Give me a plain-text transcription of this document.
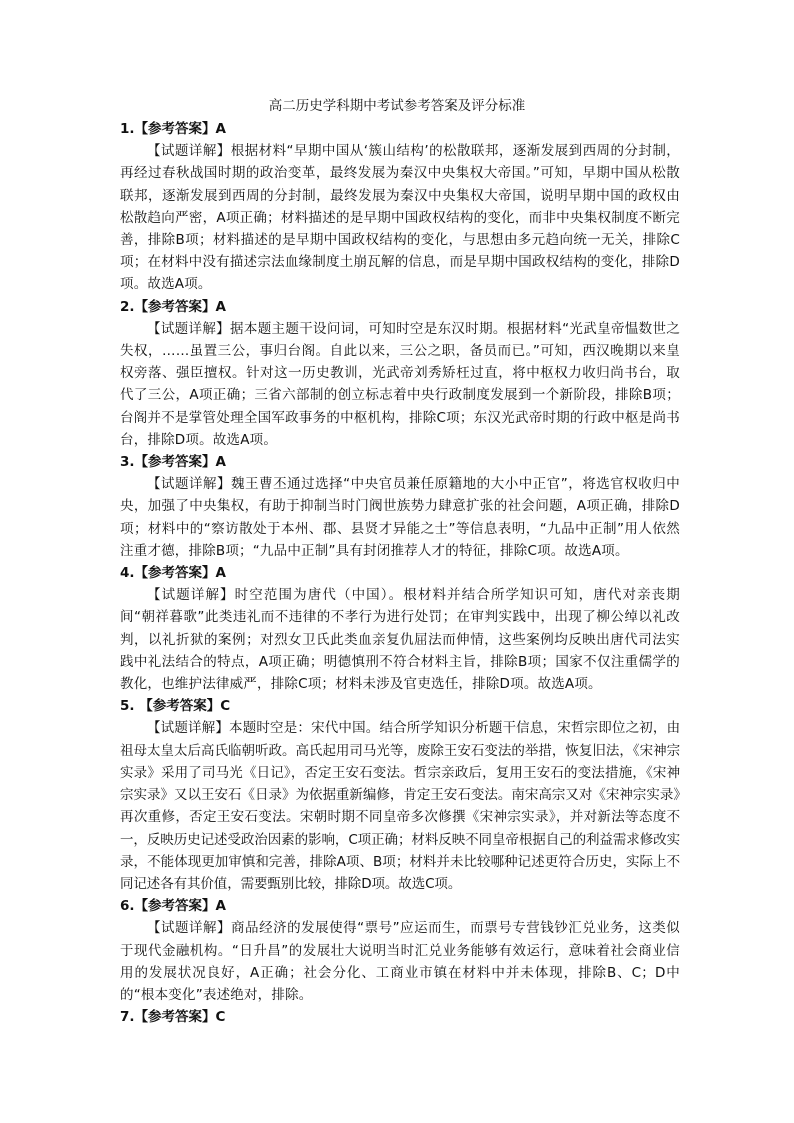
高二历史学科期中考试参考答案及评分标准

1.【参考答案】A

【试题详解】根据材料“早期中国从‘簇山结构’的松散联邦，逐渐发展到西周的分封制，再经过春秋战国时期的政治变革，最终发展为秦汉中央集权大帝国。”可知，早期中国从松散联邦，逐渐发展到西周的分封制，最终发展为秦汉中央集权大帝国，说明早期中国的政权由松散趋向严密，A项正确；材料描述的是早期中国政权结构的变化，而非中央集权制度不断完善，排除B项；材料描述的是早期中国政权结构的变化，与思想由多元趋向统一无关，排除C项；在材料中没有描述宗法血缘制度土崩瓦解的信息，而是早期中国政权结构的变化，排除D项。故选A项。

2.【参考答案】A

【试题详解】据本题主题干设问词，可知时空是东汉时期。根据材料“光武皇帝愠数世之失权，……虽置三公，事归台阁。自此以来，三公之职，备员而已。”可知，西汉晚期以来皇权旁落、强臣擅权。针对这一历史教训，光武帝刘秀矫枉过直，将中枢权力收归尚书台，取代了三公，A项正确；三省六部制的创立标志着中央行政制度发展到一个新阶段，排除B项；台阁并不是掌管处理全国军政事务的中枢机构，排除C项；东汉光武帝时期的行政中枢是尚书台，排除D项。故选A项。

3.【参考答案】A

【试题详解】魏王曹丕通过选择“中央官员兼任原籍地的大小中正官”，将选官权收归中央，加强了中央集权，有助于抑制当时门阀世族势力肆意扩张的社会问题，A项正确，排除D项；材料中的“察访散处于本州、郡、县贤才异能之士”等信息表明，“九品中正制”用人依然注重才德，排除B项；“九品中正制”具有封闭推荐人才的特征，排除C项。故选A项。

4.【参考答案】A

【试题详解】时空范围为唐代（中国）。根材料并结合所学知识可知，唐代对亲丧期间“朝祥暮歌”此类违礼而不违律的不孝行为进行处罚；在审判实践中，出现了柳公绰以礼改判，以礼折狱的案例；对烈女卫氏此类血亲复仇屈法而伸情，这些案例均反映出唐代司法实践中礼法结合的特点，A项正确；明德慎刑不符合材料主旨，排除B项；国家不仅注重儒学的教化，也维护法律威严，排除C项；材料未涉及官吏选任，排除D项。故选A项。

5. 【参考答案】C

【试题详解】本题时空是：宋代中国。结合所学知识分析题干信息，宋哲宗即位之初，由祖母太皇太后高氏临朝听政。高氏起用司马光等，废除王安石变法的举措，恢复旧法，《宋神宗实录》采用了司马光《日记》，否定王安石变法。哲宗亲政后，复用王安石的变法措施，《宋神宗实录》又以王安石《日录》为依据重新编修，肯定王安石变法。南宋高宗又对《宋神宗实录》再次重修，否定王安石变法。宋朝时期不同皇帝多次修撰《宋神宗实录》，并对新法等态度不一，反映历史记述受政治因素的影响，C项正确；材料反映不同皇帝根据自己的利益需求修改实录，不能体现更加审慎和完善，排除A项、B项；材料并未比较哪种记述更符合历史，实际上不同记述各有其价值，需要甄别比较，排除D项。故选C项。

6.【参考答案】A

【试题详解】商品经济的发展使得“票号”应运而生，而票号专营钱钞汇兑业务，这类似于现代金融机构。“日升昌”的发展壮大说明当时汇兑业务能够有效运行，意味着社会商业信用的发展状况良好，A正确；社会分化、工商业市镇在材料中并未体现，排除B、C；D中的“根本变化”表述绝对，排除。

7.【参考答案】C
